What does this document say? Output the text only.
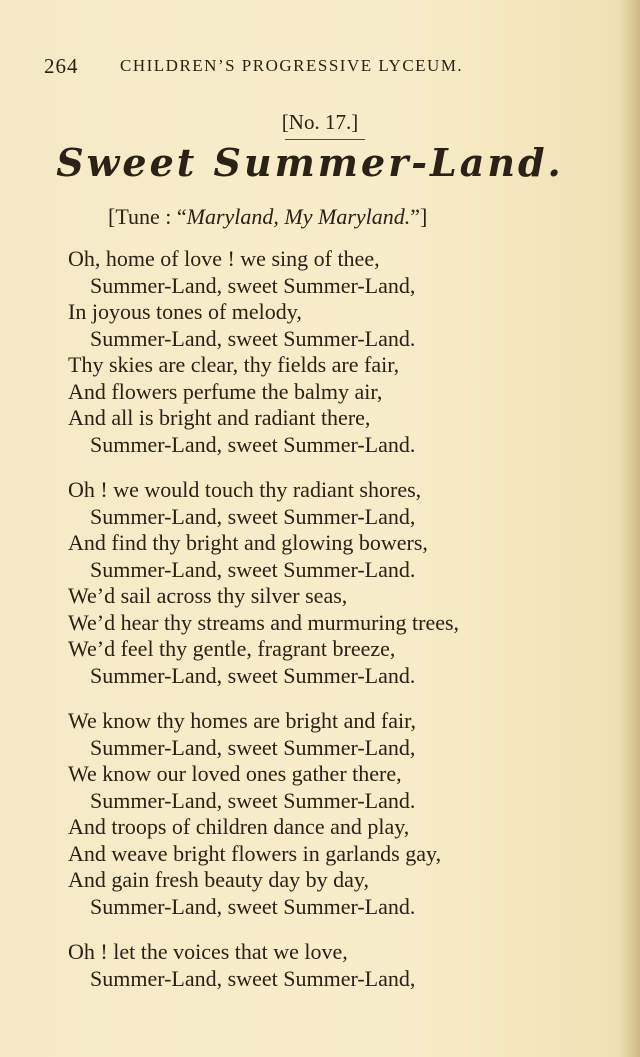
264 CHILDREN’S PROGRESSIVE LYCEUM.
[No. 17.]
Sweet Summer-Land.
[Tune : “Maryland, My Maryland.”]
Oh, home of love ! we sing of thee,
Summer-Land, sweet Summer-Land,
In joyous tones of melody,
Summer-Land, sweet Summer-Land.
Thy skies are clear, thy fields are fair,
And flowers perfume the balmy air,
And all is bright and radiant there,
Summer-Land, sweet Summer-Land.
Oh ! we would touch thy radiant shores,
Summer-Land, sweet Summer-Land,
And find thy bright and glowing bowers,
Summer-Land, sweet Summer-Land.
We’d sail across thy silver seas,
We’d hear thy streams and murmuring trees,
We’d feel thy gentle, fragrant breeze,
Summer-Land, sweet Summer-Land.
We know thy homes are bright and fair,
Summer-Land, sweet Summer-Land,
We know our loved ones gather there,
Summer-Land, sweet Summer-Land.
And troops of children dance and play,
And weave bright flowers in garlands gay,
And gain fresh beauty day by day,
Summer-Land, sweet Summer-Land.
Oh ! let the voices that we love,
Summer-Land, sweet Summer-Land,
